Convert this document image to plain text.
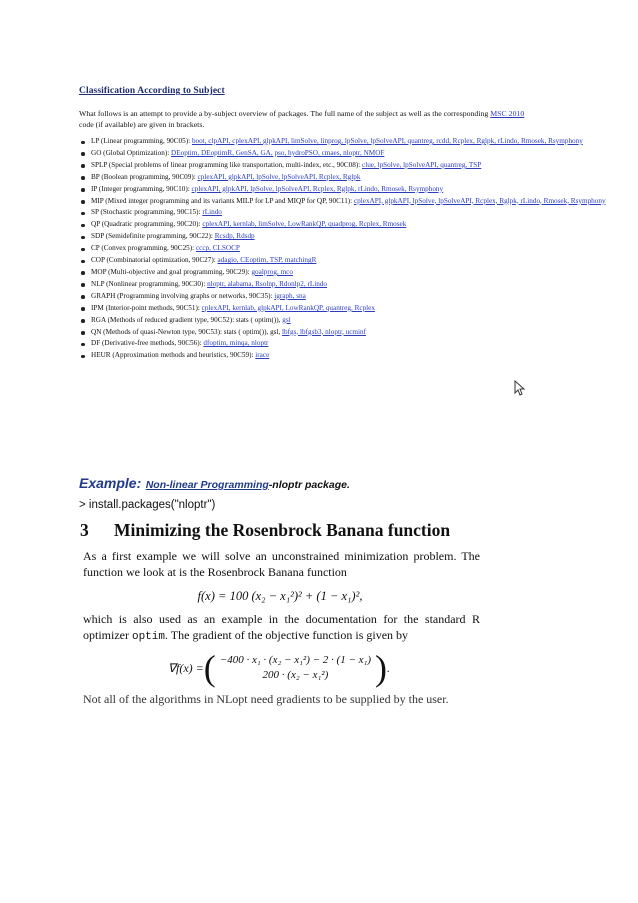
Classification According to Subject

What follows is an attempt to provide a by-subject overview of packages. The full name of the subject as well as the corresponding MSC 2010 code (if available) are given in brackets.

LP (Linear programming, 90C05): boot, clpAPI, cplexAPI, glpkAPI, limSolve, linprog, lpSolve, lpSolveAPI, quantreg, rcdd, Rcplex, Rglpk, rLindo, Rmosek, Rsymphony
GO (Global Optimization): DEoptim, DEoptimR, GenSA, GA, pso, hydroPSO, cmaes, nloptr, NMOF
SPLP (Special problems of linear programming like transportation, multi-index, etc., 90C08): clue, lpSolve, lpSolveAPI, quantreg, TSP
BP (Boolean programming, 90C09): cplexAPI, glpkAPI, lpSolve, lpSolveAPI, Rcplex, Rglpk
IP (Integer programming, 90C10): cplexAPI, glpkAPI, lpSolve, lpSolveAPI, Rcplex, Rglpk, rLindo, Rmosek, Rsymphony
MIP (Mixed integer programming and its variants MILP for LP and MIQP for QP, 90C11): cplexAPI, glpkAPI, lpSolve, lpSolveAPI, Rcplex, Rglpk, rLindo, Rmosek, Rsymphony
SP (Stochastic programming, 90C15): rLindo
QP (Quadratic programming, 90C20): cplexAPI, kernlab, limSolve, LowRankQP, quadprog, Rcplex, Rmosek
SDP (Semidefinite programming, 90C22): Rcsdp, Rdsdp
CP (Convex programming, 90C25): cccp, CLSOCP
COP (Combinatorial optimization, 90C27): adagio, CEoptim, TSP, matchingR
MOP (Multi-objective and goal programming, 90C29): goalprog, mco
NLP (Nonlinear programming, 90C30): nloptr, alabama, Rsolnp, Rdonlp2, rLindo
GRAPH (Programming involving graphs or networks, 90C35): igraph, sna
IPM (Interior-point methods, 90C51): cplexAPI, kernlab, glpkAPI, LowRankQP, quantreg, Rcplex
RGA (Methods of reduced gradient type, 90C52): stats ( optim()), gsl
QN (Methods of quasi-Newton type, 90C53): stats ( optim()), gsl, lbfgs, lbfgsb3, nloptr, ucminf
DF (Derivative-free methods, 90C56): dfoptim, minqa, nloptr
HEUR (Approximation methods and heuristics, 90C59): irace
Example: Non-linear Programming-nloptr package.
> install.packages("nloptr")
3 Minimizing the Rosenbrock Banana function

As a first example we will solve an unconstrained minimization problem. The function we look at is the Rosenbrock Banana function

f(x) = 100 (x₂ − x₁²)² + (1 − x₁)²,

which is also used as an example in the documentation for the standard R optimizer optim. The gradient of the objective function is given by

∇f(x) = ( −400 · x₁ · (x₂ − x₁²) − 2 · (1 − x₁)
200 · (x₂ − x₁²) ) .
Not all of the algorithms in NLopt need gradients to be supplied by the user.
